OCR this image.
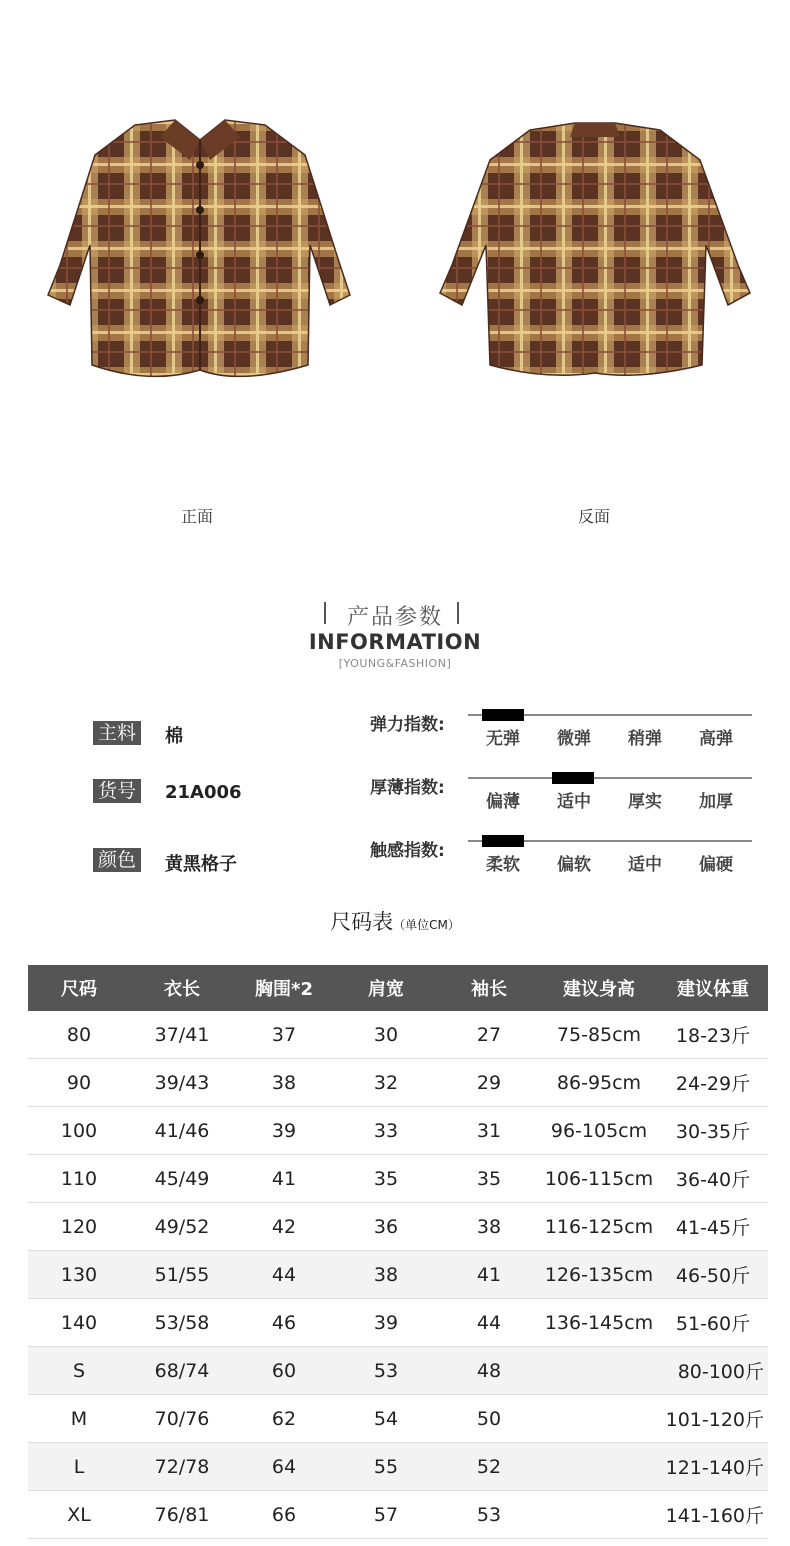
正面	反面
产品参数
INFORMATION
[YOUNG&FASHION]
主料 棉
货号 21A006
颜色 黄黑格子
弹力指数:
无弹	微弹	稍弹	高弹
厚薄指数:
偏薄	适中	厚实	加厚
触感指数:
柔软	偏软	适中	偏硬
尺码表（单位CM）
尺码	衣长	胸围*2	肩宽	袖长	建议身高	建议体重
80	37/41	37	30	27	75-85cm	18-23斤
90	39/43	38	32	29	86-95cm	24-29斤
100	41/46	39	33	31	96-105cm	30-35斤
110	45/49	41	35	35	106-115cm	36-40斤
120	49/52	42	36	38	116-125cm	41-45斤
130	51/55	44	38	41	126-135cm	46-50斤
140	53/58	46	39	44	136-145cm	51-60斤
S	68/74	60	53	48		80-100斤
M	70/76	62	54	50		101-120斤
L	72/78	64	55	52		121-140斤
XL	76/81	66	57	53		141-160斤
